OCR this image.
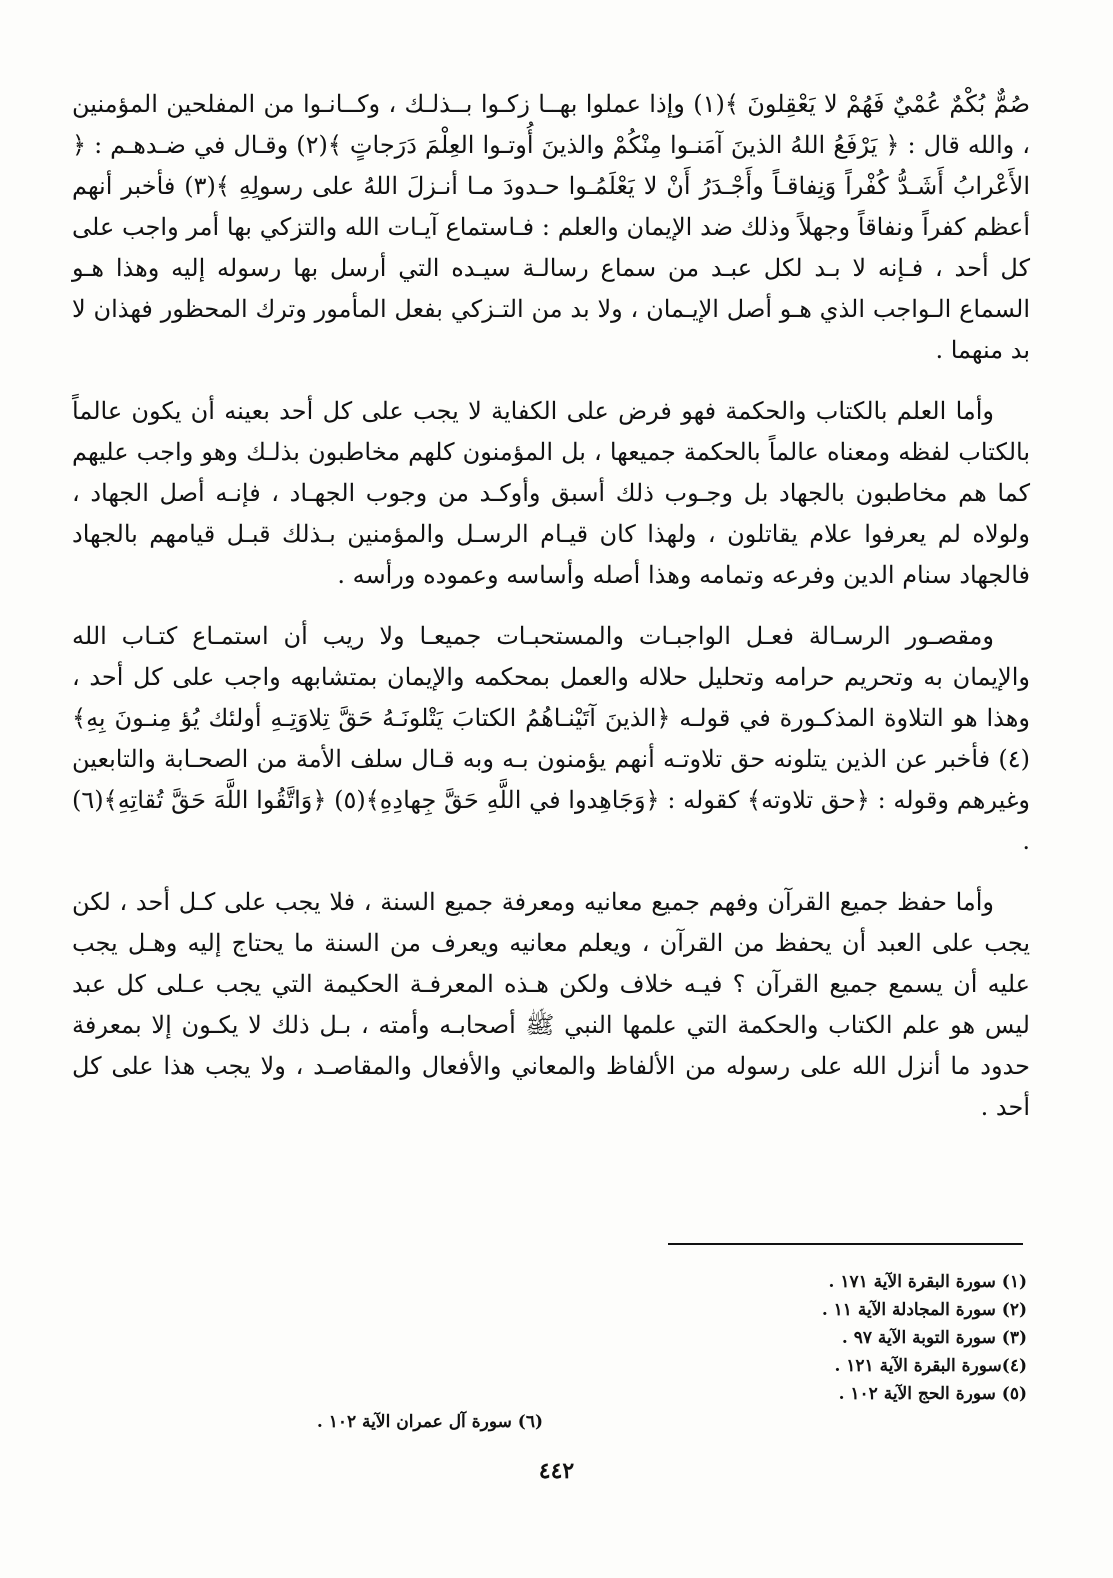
صُمٌّ بُكْمٌ عُمْيٌ فَهُمْ لا يَعْقِلونَ ﴾(١) وإذا عملوا بهــا زكـوا بــذلـك ، وكــانـوا من المفلحين المؤمنين ، والله قال : ﴿ يَرْفَعُ اللهُ الذينَ آمَنـوا مِنْكُمْ والذينَ أُوتـوا العِلْمَ دَرَجاتٍ ﴾(٢) وقـال في ضـدهـم : ﴿ الأَعْرابُ أَشَـدُّ كُفْراً وَنِفاقـاً وأَجْـدَرُ أَنْ لا يَعْلَمُـوا حـدودَ مـا أنـزلَ اللهُ على رسولِهِ ﴾(٣) فأخبر أنهم أعظم كفراً ونفاقاً وجهلاً وذلك ضد الإيمان والعلم : فـاستماع آيـات الله والتزكي بها أمر واجب على كل أحد ، فـإنه لا بـد لكل عبـد من سماع رسالـة سيـده التي أرسل بها رسوله إليه وهذا هـو السماع الـواجب الذي هـو أصل الإيـمان ، ولا بد من التـزكي بفعل المأمور وترك المحظور فهذان لا بد منهما .

وأما العلم بالكتاب والحكمة فهو فرض على الكفاية لا يجب على كل أحد بعينه أن يكون عالماً بالكتاب لفظه ومعناه عالماً بالحكمة جميعها ، بل المؤمنون كلهم مخاطبون بذلـك وهو واجب عليهم كما هم مخاطبون بالجهاد بل وجـوب ذلك أسبق وأوكـد من وجوب الجهـاد ، فإنـه أصل الجهاد ، ولولاه لم يعرفوا علام يقاتلون ، ولهذا كان قيـام الرسـل والمؤمنين بـذلك قبـل قيامهم بالجهاد فالجهاد سنام الدين وفرعه وتمامه وهذا أصله وأساسه وعموده ورأسه .

ومقصـور الرسـالة فعـل الواجبـات والمستحبـات جميعـا ولا ريب أن استمـاع كتـاب الله والإيمان به وتحريم حرامه وتحليل حلاله والعمل بمحكمه والإيمان بمتشابهه واجب على كل أحد ، وهذا هو التلاوة المذكـورة في قولـه ﴿الذينَ آتَيْنـاهُمُ الكتابَ يَتْلونَـهُ حَقَّ تِلاوَتِـهِ أولئك يُؤ مِنـونَ بِهِ﴾(٤) فأخبر عن الذين يتلونه حق تلاوتـه أنهم يؤمنون بـه وبه قـال سلف الأمة من الصحـابة والتابعين وغيرهم وقوله : ﴿حق تلاوته﴾ كقوله : ﴿وَجَاهِدوا في اللَّهِ حَقَّ جِهادِهِ﴾(٥) ﴿وَاتَّقُوا اللَّهَ حَقَّ تُقاتِهِ﴾(٦) .

وأما حفظ جميع القرآن وفهم جميع معانيه ومعرفة جميع السنة ، فلا يجب على كـل أحد ، لكن يجب على العبد أن يحفظ من القرآن ، ويعلم معانيه ويعرف من السنة ما يحتاج إليه وهـل يجب عليه أن يسمع جميع القرآن ؟ فيـه خلاف ولكن هـذه المعرفـة الحكيمة التي يجب عـلى كل عبد ليس هو علم الكتاب والحكمة التي علمها النبي ﷺ أصحابـه وأمته ، بـل ذلك لا يكـون إلا بمعرفة حدود ما أنزل الله على رسوله من الألفاظ والمعاني والأفعال والمقاصـد ، ولا يجب هذا على كل أحد .

(١) سورة البقرة الآية ١٧١ .

(٢) سورة المجادلة الآية ١١ .

(٣) سورة التوبة الآية ٩٧ .

(٤)سورة البقرة الآية ١٢١ .

(٥) سورة الحج الآية ١٠٢ .

(٦) سورة آل عمران الآية ١٠٢ .

٤٤٢
